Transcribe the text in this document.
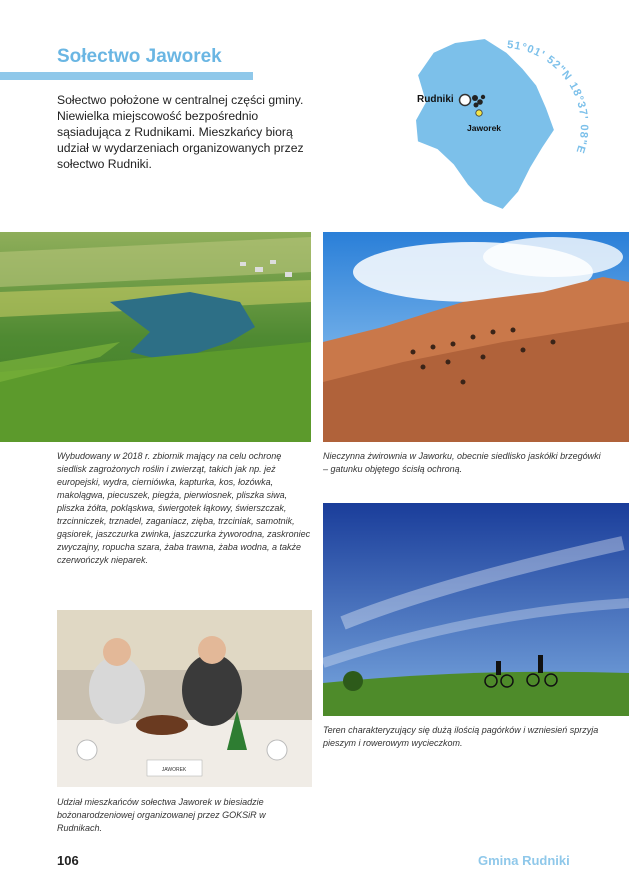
Sołectwo Jaworek
Sołectwo położone w centralnej części gminy. Niewielka miejscowość bezpośrednio sąsiadująca z Rudnikami. Mieszkańcy biorą udział w wydarzeniach organizowanych przez sołectwo Rudniki.
Rudniki
Jaworek
51°01' 52"N 18°37' 08"E
Wybudowany w 2018 r. zbiornik mający na celu ochronę siedlisk zagrożonych roślin i zwierząt, takich jak np. jeż europejski, wydra, cierniówka, kapturka, kos, łozówka, makolągwa, piecuszek, piegża, pierwiosnek, pliszka siwa, pliszka żółta, pokląskwa, świergotek łąkowy, świerszczak, trzcinniczek, trznadel, zaganiacz, zięba, trzciniak, samotnik, gąsiorek, jaszczurka zwinka, jaszczurka żyworodna, zaskroniec zwyczajny, ropucha szara, żaba trawna, żaba wodna, a także czerwończyk nieparek.
Nieczynna żwirownia w Jaworku, obecnie siedlisko jaskółki brzegówki – gatunku objętego ścisłą ochroną.
Teren charakteryzujący się dużą ilością pagórków i wzniesień sprzyja pieszym i rowerowym wycieczkom.
JAWOREK
Udział mieszkańców sołectwa Jaworek w biesiadzie bożonarodzeniowej organizowanej przez GOKSiR w Rudnikach.
106	Gmina Rudniki
